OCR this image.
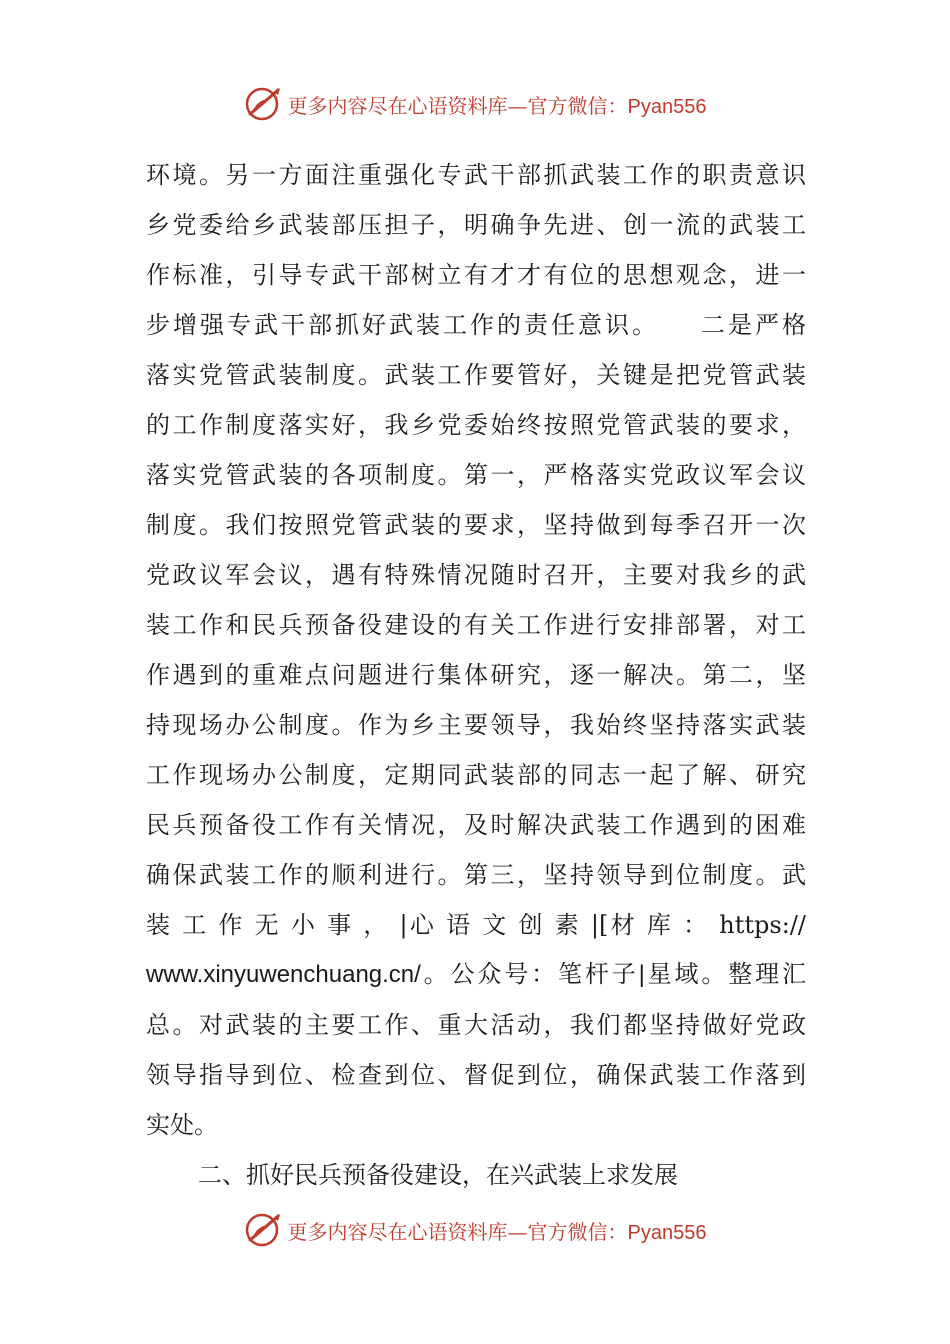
更多内容尽在心语资料库—官方微信：Pyan556
环境。另一方面注重强化专武干部抓武装工作的职责意识
乡党委给乡武装部压担子，明确争先进、创一流的武装工
作标准，引导专武干部树立有才才有位的思想观念，进一
步增强专武干部抓好武装工作的责任意识。　　二是严格
落实党管武装制度。武装工作要管好，关键是把党管武装
的工作制度落实好，我乡党委始终按照党管武装的要求，
落实党管武装的各项制度。第一，严格落实党政议军会议
制度。我们按照党管武装的要求，坚持做到每季召开一次
党政议军会议，遇有特殊情况随时召开，主要对我乡的武
装工作和民兵预备役建设的有关工作进行安排部署，对工
作遇到的重难点问题进行集体研究，逐一解决。第二，坚
持现场办公制度。作为乡主要领导，我始终坚持落实武装
工作现场办公制度，定期同武装部的同志一起了解、研究
民兵预备役工作有关情况，及时解决武装工作遇到的困难
确保武装工作的顺利进行。第三，坚持领导到位制度。武
装 工 作 无 小 事 ， |心 语 文 创 素 |[材 库 ： https://
www.xinyuwenchuang.cn/。公众号：笔杆子|星域。整理汇
总。对武装的主要工作、重大活动，我们都坚持做好党政
领导指导到位、检查到位、督促到位，确保武装工作落到
实处。
二、抓好民兵预备役建设，在兴武装上求发展
更多内容尽在心语资料库—官方微信：Pyan556
